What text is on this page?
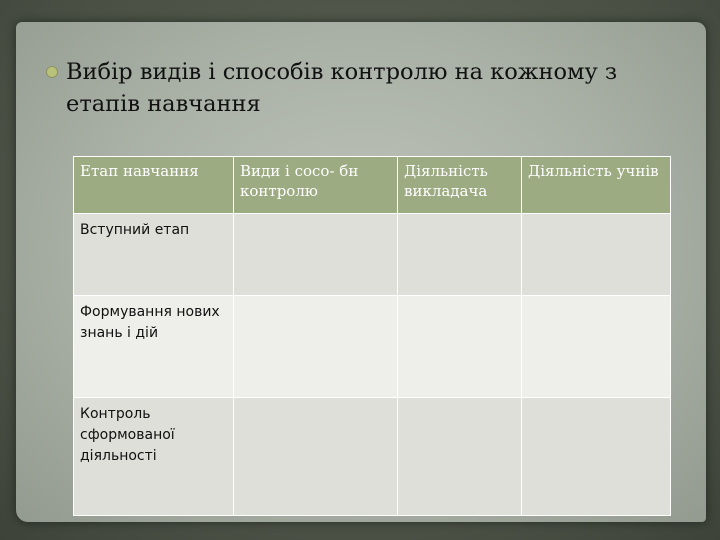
Вибір видів і способів контролю на кожному з етапів навчання
Етап навчання	Види і сосо- бн контролю	Діяльність викладача	Діяльність учнів

Вступний етап			

Формування нових знань і дій			

Контроль сформованої діяльності			
